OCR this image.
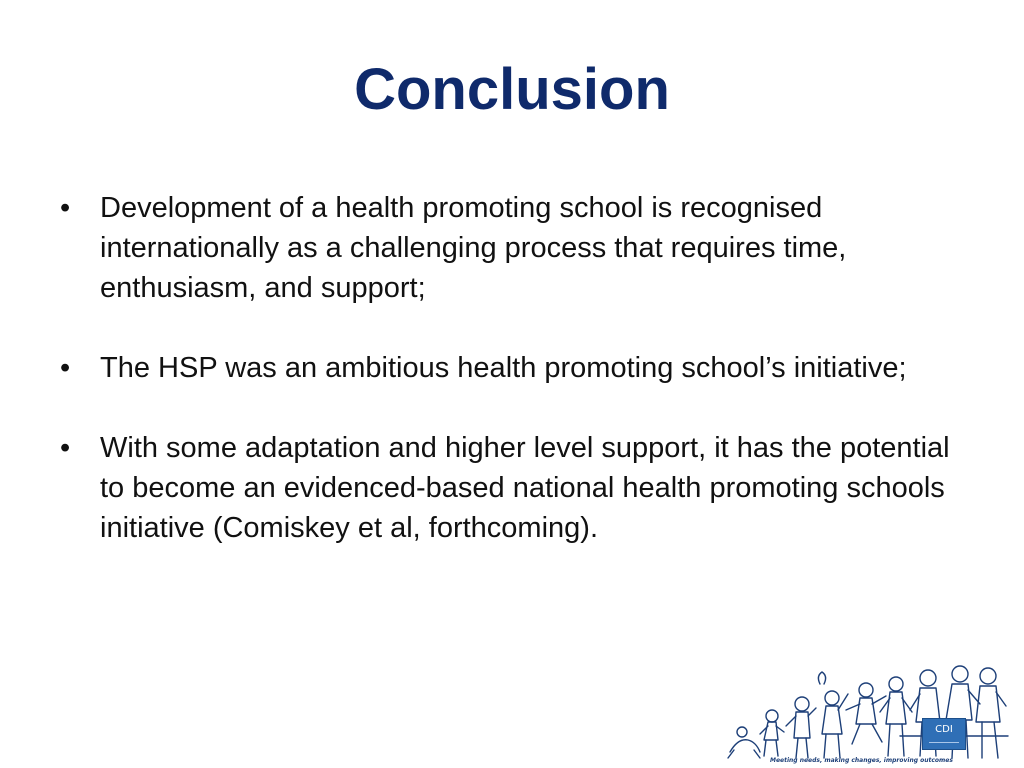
Conclusion
•	Development of a health promoting school is recognised internationally as a challenging process that requires time, enthusiasm, and support;
•	The HSP was an ambitious health promoting school’s initiative;
•	With some adaptation and higher level support, it has the potential to become an evidenced-based national health promoting schools initiative (Comiskey et al, forthcoming).
CDI
Meeting needs, making changes, improving outcomes
